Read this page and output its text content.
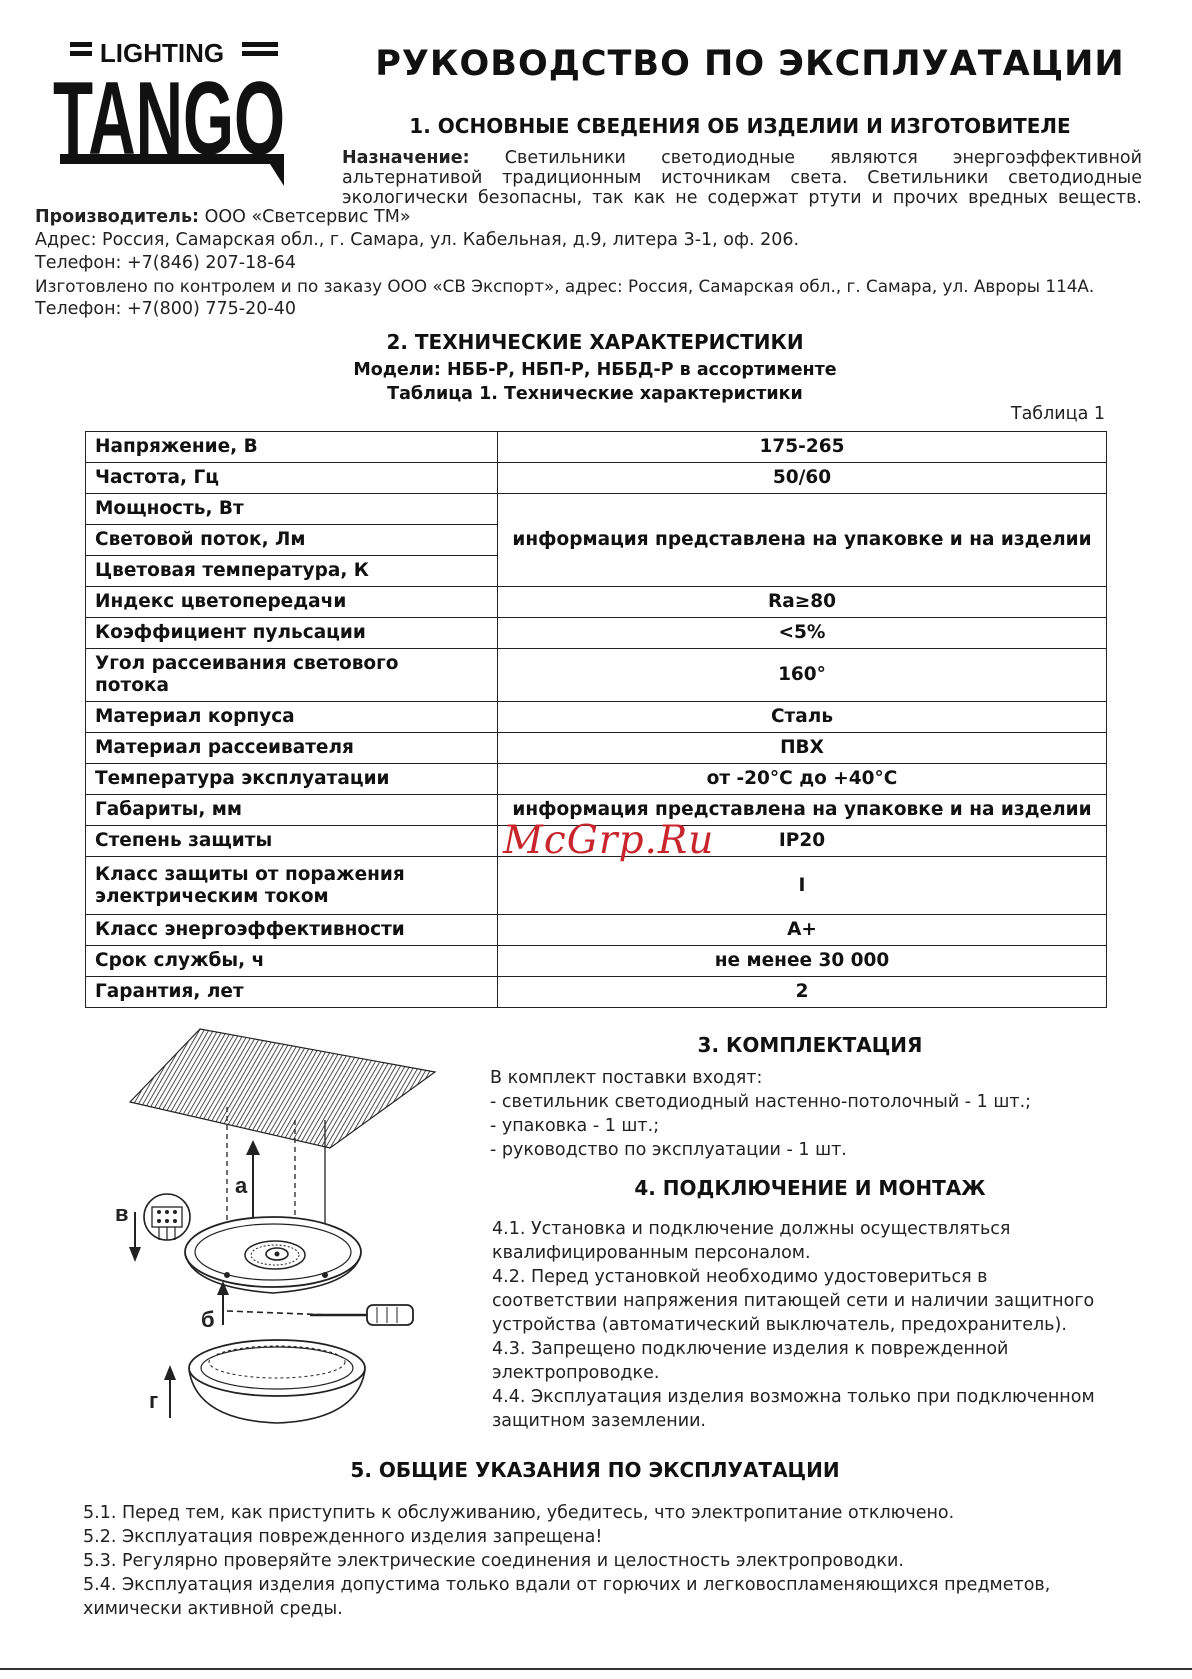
LIGHTING
TANGO	РУКОВОДСТВО ПО ЭКСПЛУАТАЦИИ
1. ОСНОВНЫЕ СВЕДЕНИЯ ОБ ИЗДЕЛИИ И ИЗГОТОВИТЕЛЕ
Назначение: Светильники светодиодные являются энергоэффективной
альтернативой традиционным источникам света. Светильники светодиодные
экологически безопасны, так как не содержат ртути и прочих вредных веществ.
Производитель: ООО «Светсервис ТМ»
Адрес: Россия, Самарская обл., г. Самара, ул. Кабельная, д.9, литера 3-1, оф. 206.
Телефон: +7(846) 207-18-64
Изготовлено по контролем и по заказу ООО «СВ Экспорт», адрес: Россия, Самарская обл., г. Самара, ул. Авроры 114А.
Телефон: +7(800) 775-20-40
2. ТЕХНИЧЕСКИЕ ХАРАКТЕРИСТИКИ
Модели: НББ-Р, НБП-Р, НББД-Р в ассортименте
Таблица 1. Технические характеристики
Таблица 1
Напряжение, В	175-265
Частота, Гц	50/60
Мощность, Вт	информация представлена на упаковке и на изделии
Световой поток, Лм	
Цветовая температура, К	
Индекс цветопередачи	Ra≥80
Коэффициент пульсации	<5%
Угол рассеивания светового
потока	160°
Материал корпуса	Сталь
Материал рассеивателя	ПВХ
Температура эксплуатации	от -20°С до +40°С
Габариты, мм	информация представлена на упаковке и на изделии
Степень защиты	IP20
Класс защиты от поражения
электрическим током	I
Класс энергоэффективности	А+
Срок службы, ч	не менее 30 000
Гарантия, лет	2
McGrp.Ru
а
в
б
г
3. КОМПЛЕКТАЦИЯ
В комплект поставки входят:
- светильник светодиодный настенно-потолочный - 1 шт.;
- упаковка - 1 шт.;
- руководство по эксплуатации - 1 шт.
4. ПОДКЛЮЧЕНИЕ И МОНТАЖ
4.1. Установка и подключение должны осуществляться
квалифицированным персоналом.
4.2. Перед установкой необходимо удостовериться в
соответствии напряжения питающей сети и наличии защитного
устройства (автоматический выключатель, предохранитель).
4.3. Запрещено подключение изделия к поврежденной
электропроводке.
4.4. Эксплуатация изделия возможна только при подключенном
защитном заземлении.
5. ОБЩИЕ УКАЗАНИЯ ПО ЭКСПЛУАТАЦИИ
5.1. Перед тем, как приступить к обслуживанию, убедитесь, что электропитание отключено.
5.2. Эксплуатация поврежденного изделия запрещена!
5.3. Регулярно проверяйте электрические соединения и целостность электропроводки.
5.4. Эксплуатация изделия допустима только вдали от горючих и легковоспламеняющихся предметов,
химически активной среды.
